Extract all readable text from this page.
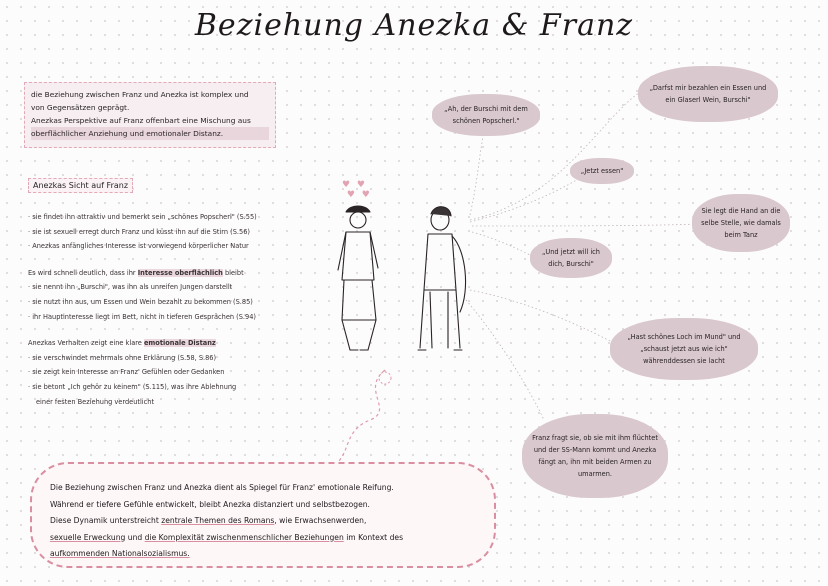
Beziehung Anezka & Franz

die Beziehung zwischen Franz und Anezka ist komplex und

von Gegensätzen geprägt.

Anezkas Perspektive auf Franz offenbart eine Mischung aus

oberflächlicher Anziehung und emotionaler Distanz.

Anezkas Sicht auf Franz
· sie findet ihn attraktiv und bemerkt sein „schönes Popscherl" (S.55)
· sie ist sexuell erregt durch Franz und küsst ihn auf die Stirn (S.56)
· Anezkas anfängliches Interesse ist vorwiegend körperlicher Natur
Es wird schnell deutlich, dass ihr Interesse oberflächlich bleibt
· sie nennt ihn „Burschi", was ihn als unreifen Jungen darstellt
· sie nutzt ihn aus, um Essen und Wein bezahlt zu bekommen (S.85)
· ihr Hauptinteresse liegt im Bett, nicht in tieferen Gesprächen (S.94)
Anezkas Verhalten zeigt eine klare emotionale Distanz
· sie verschwindet mehrmals ohne Erklärung (S.58, S.86)
· sie zeigt kein Interesse an Franz' Gefühlen oder Gedanken
· sie betont „Ich gehör zu keinem" (S.115), was ihre Ablehnung
einer festen Beziehung verdeutlicht
♥ ♥
♥ ♥
„Ah, der Burschi mit dem schönen Popscherl."
„Darfst mir bezahlen ein Essen und ein Glaserl Wein, Burschi"
„Jetzt essen"
Sie legt die Hand an die selbe Stelle, wie damals beim Tanz
„Und jetzt will ich dich, Burschi"
„Hast schönes Loch im Mund" und „schaust jetzt aus wie ich" währenddessen sie lacht
Franz fragt sie, ob sie mit ihm flüchtet und der SS-Mann kommt und Anezka fängt an, ihn mit beiden Armen zu umarmen.
Die Beziehung zwischen Franz und Anezka dient als Spiegel für Franz' emotionale Reifung.
Während er tiefere Gefühle entwickelt, bleibt Anezka distanziert und selbstbezogen.
Diese Dynamik unterstreicht zentrale Themen des Romans, wie Erwachsenwerden,
sexuelle Erweckung und die Komplexität zwischenmenschlicher Beziehungen im Kontext des
aufkommenden Nationalsozialismus.
